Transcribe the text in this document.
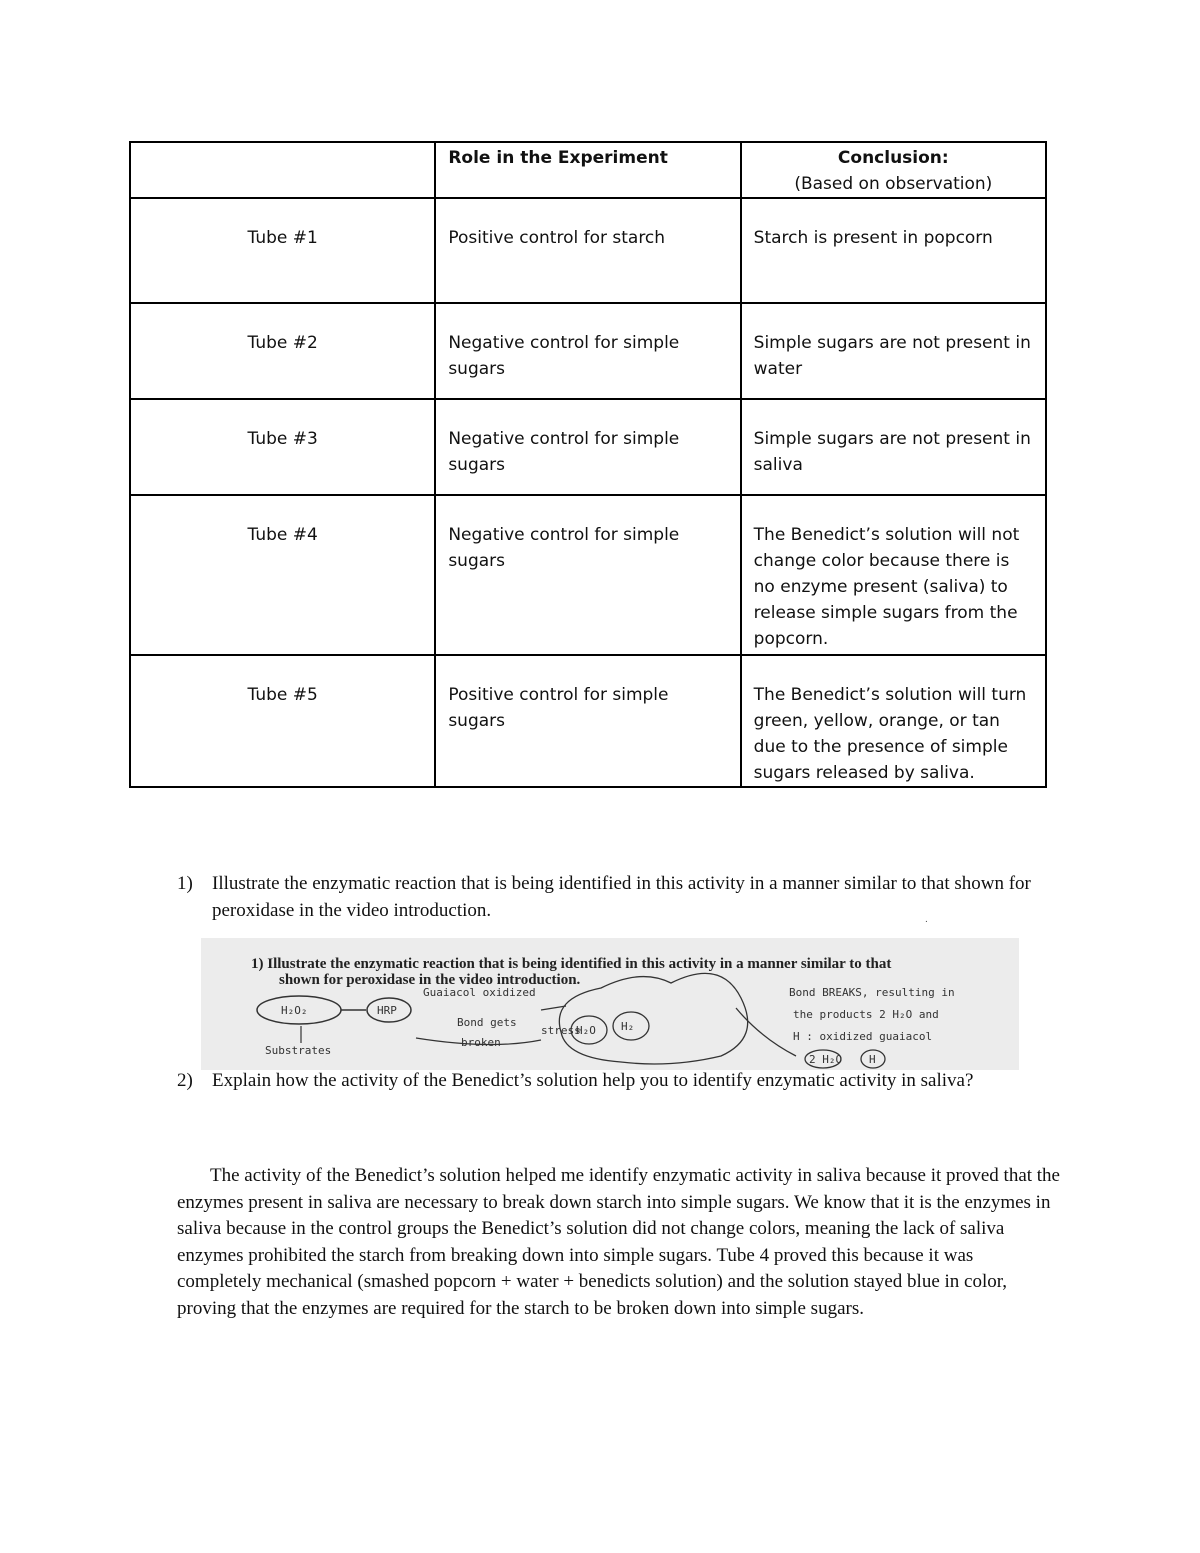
	Role in the Experiment	Conclusion:
(Based on observation)

Tube #1	Positive control for starch	Starch is present in popcorn
Tube #2	Negative control for simple sugars	Simple sugars are not present in water
Tube #3	Negative control for simple sugars	Simple sugars are not present in saliva
Tube #4	Negative control for simple sugars	The Benedict’s solution will not change color because there is no enzyme present (saliva) to release simple sugars from the popcorn.
Tube #5	Positive control for simple sugars	The Benedict’s solution will turn green, yellow, orange, or tan due to the presence of simple sugars released by saliva.
1) Illustrate the enzymatic reaction that is being identified in this activity in a manner similar to that shown for peroxidase in the video introduction.	.
1) Illustrate the enzymatic reaction that is being identified in this activity in a manner similar to that
shown for peroxidase in the video introduction.
H₂O₂	HRP
Substrates
Guaiacol oxidized
Bond gets
broken
stress
H₂O H₂
Bond BREAKS, resulting in
the products 2 H₂O and
H : oxidized guaiacol
2 H₂O H
2) Explain how the activity of the Benedict’s solution help you to identify enzymatic activity in saliva?

The activity of the Benedict’s solution helped me identify enzymatic activity in saliva because it proved that the enzymes present in saliva are necessary to break down starch into simple sugars. We know that it is the enzymes in saliva because in the control groups the Benedict’s solution did not change colors, meaning the lack of saliva enzymes prohibited the starch from breaking down into simple sugars. Tube 4 proved this because it was completely mechanical (smashed popcorn + water + benedicts solution) and the solution stayed blue in color, proving that the enzymes are required for the starch to be broken down into simple sugars.
